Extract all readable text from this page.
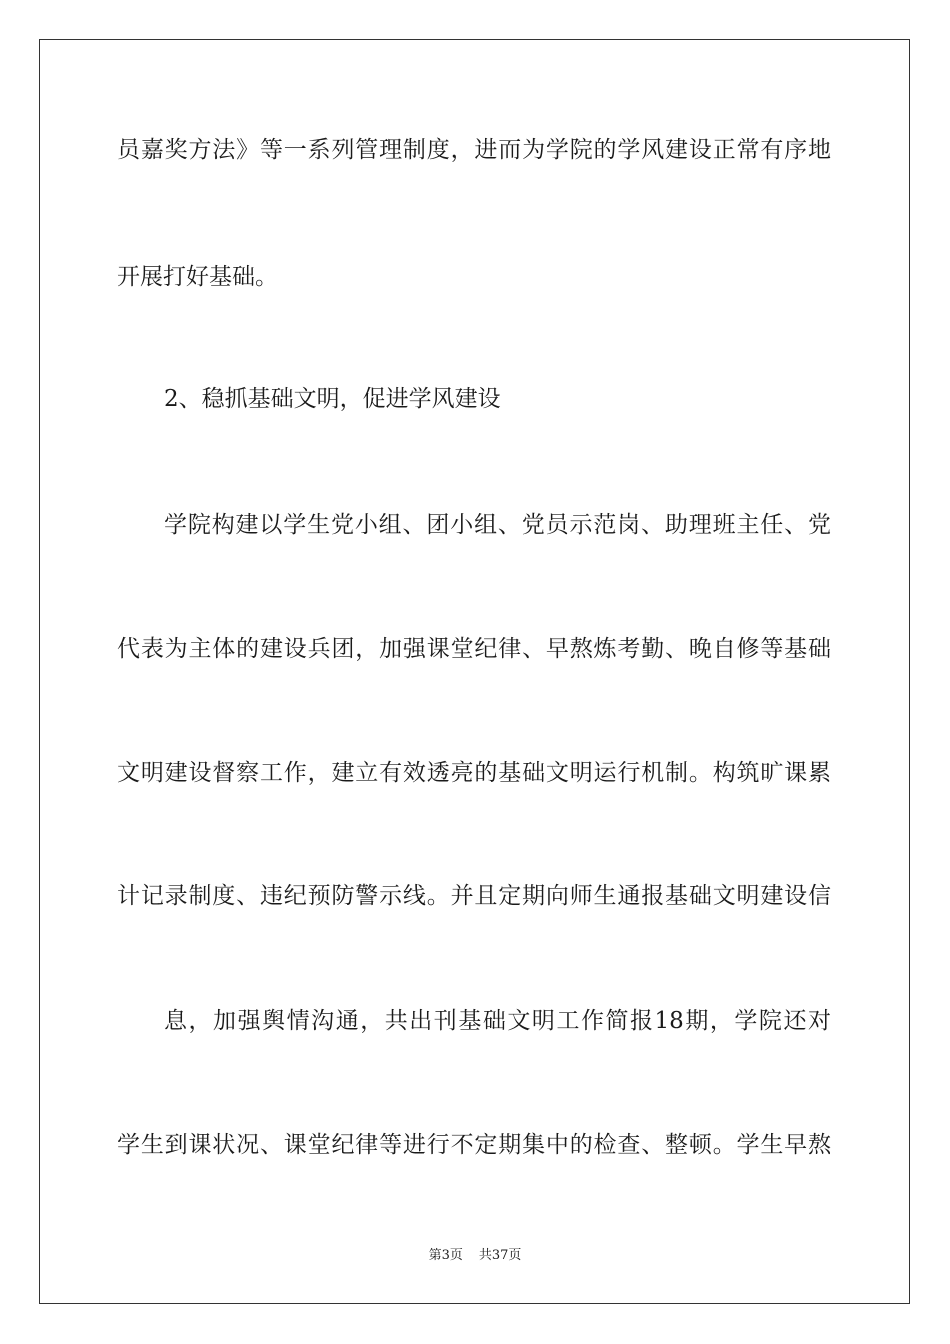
员嘉奖方法》等一系列管理制度，进而为学院的学风建设正常有序地
开展打好基础。
2、稳抓基础文明，促进学风建设
学院构建以学生党小组、团小组、党员示范岗、助理班主任、党
代表为主体的建设兵团，加强课堂纪律、早熬炼考勤、晚自修等基础
文明建设督察工作，建立有效透亮的基础文明运行机制。构筑旷课累
计记录制度、违纪预防警示线。并且定期向师生通报基础文明建设信
息，加强舆情沟通，共出刊基础文明工作简报18期，学院还对
学生到课状况、课堂纪律等进行不定期集中的检查、整顿。学生早熬
第3页 共37页
